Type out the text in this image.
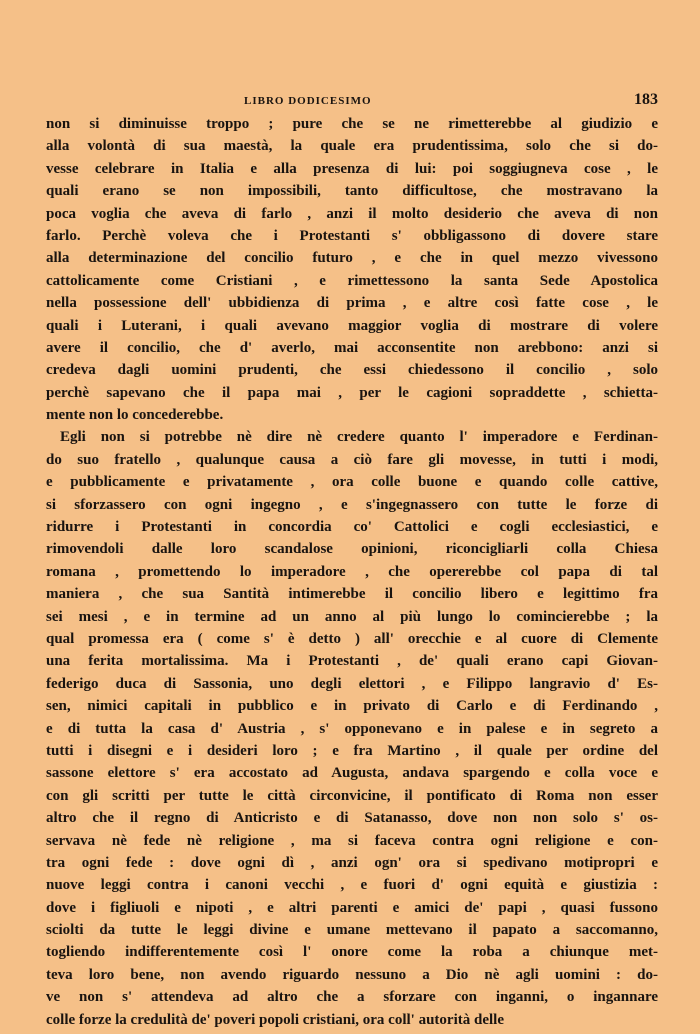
LIBRO DODICESIMO	183
non si diminuisse troppo ; pure che se ne rimetterebbe al giudizio e
alla volontà di sua maestà, la quale era prudentissima, solo che si do-
vesse celebrare in Italia e alla presenza di lui: poi soggiugneva cose , le
quali erano se non impossibili, tanto difficultose, che mostravano la
poca voglia che aveva di farlo , anzi il molto desiderio che aveva di non
farlo. Perchè voleva che i Protestanti s' obbligassono di dovere stare
alla determinazione del concilio futuro , e che in quel mezzo vivessono
cattolicamente come Cristiani , e rimettessono la santa Sede Apostolica
nella possessione dell' ubbidienza di prima , e altre così fatte cose , le
quali i Luterani, i quali avevano maggior voglia di mostrare di volere
avere il concilio, che d' averlo, mai acconsentite non arebbono: anzi si
credeva dagli uomini prudenti, che essi chiedessono il concilio , solo
perchè sapevano che il papa mai , per le cagioni sopraddette , schietta-
mente non lo concederebbe.
Egli non si potrebbe nè dire nè credere quanto l' imperadore e Ferdinan-
do suo fratello , qualunque causa a ciò fare gli movesse, in tutti i modi,
e pubblicamente e privatamente , ora colle buone e quando colle cattive,
si sforzassero con ogni ingegno , e s'ingegnassero con tutte le forze di
ridurre i Protestanti in concordia co' Cattolici e cogli ecclesiastici, e
rimovendoli dalle loro scandalose opinioni, riconcigliarli colla Chiesa
romana , promettendo lo imperadore , che opererebbe col papa di tal
maniera , che sua Santità intimerebbe il concilio libero e legittimo fra
sei mesi , e in termine ad un anno al più lungo lo comincierebbe ; la
qual promessa era ( come s' è detto ) all' orecchie e al cuore di Clemente
una ferita mortalissima. Ma i Protestanti , de' quali erano capi Giovan-
federigo duca di Sassonia, uno degli elettori , e Filippo langravio d' Es-
sen, nimici capitali in pubblico e in privato di Carlo e di Ferdinando ,
e di tutta la casa d' Austria , s' opponevano e in palese e in segreto a
tutti i disegni e i desideri loro ; e fra Martino , il quale per ordine del
sassone elettore s' era accostato ad Augusta, andava spargendo e colla voce e
con gli scritti per tutte le città circonvicine, il pontificato di Roma non esser
altro che il regno di Anticristo e di Satanasso, dove non non solo s' os-
servava nè fede nè religione , ma si faceva contra ogni religione e con-
tra ogni fede : dove ogni dì , anzi ogn' ora si spedivano motipropri e
nuove leggi contra i canoni vecchi , e fuori d' ogni equità e giustizia :
dove i figliuoli e nipoti , e altri parenti e amici de' papi , quasi fussono
sciolti da tutte le leggi divine e umane mettevano il papato a saccomanno,
togliendo indifferentemente così l' onore come la roba a chiunque met-
teva loro bene, non avendo riguardo nessuno a Dio nè agli uomini : do-
ve non s' attendeva ad altro che a sforzare con inganni, o ingannare
colle forze la credulità de' poveri popoli cristiani, ora coll' autorità delle
